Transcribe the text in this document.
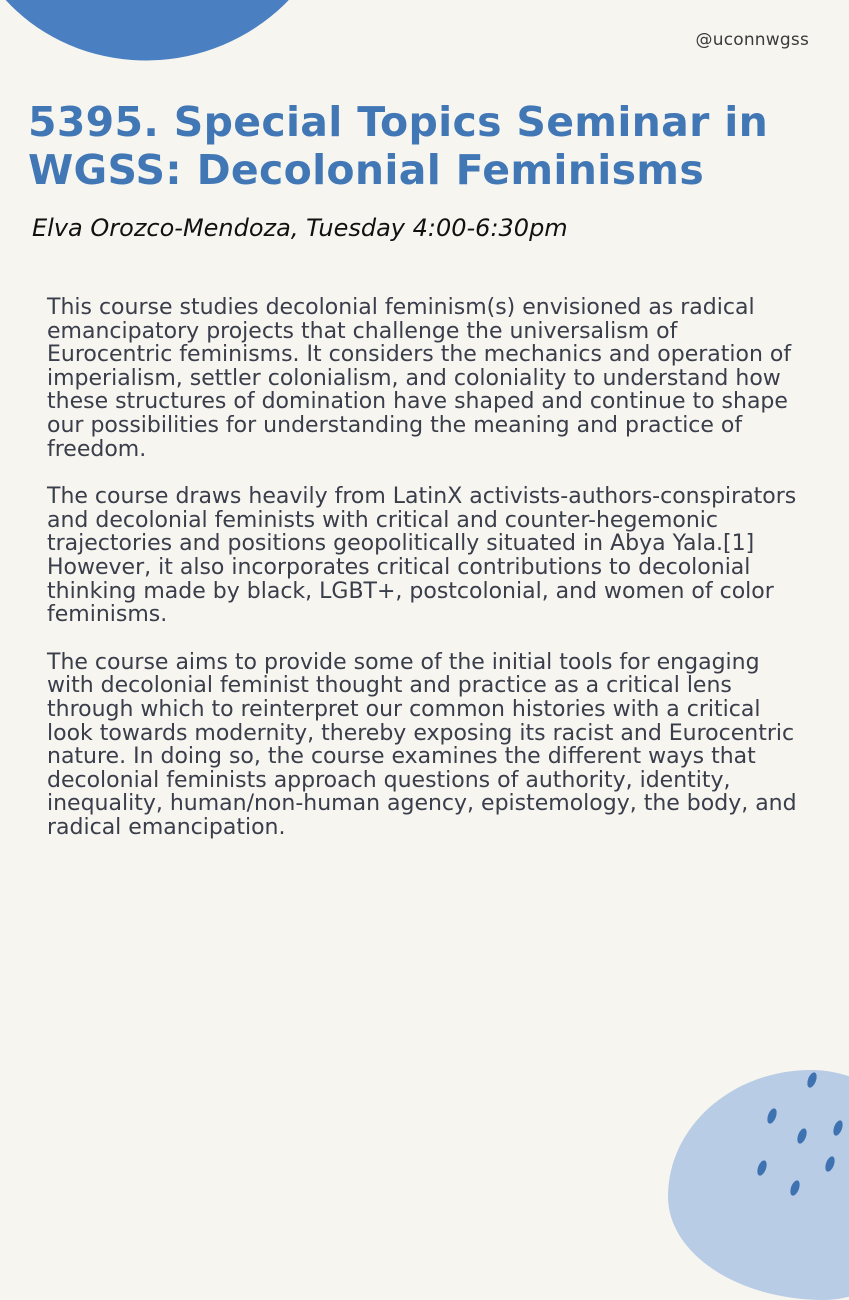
@uconnwgss
5395. Special Topics Seminar in WGSS: Decolonial Feminisms
Elva Orozco-Mendoza, Tuesday 4:00-6:30pm

This course studies decolonial feminism(s) envisioned as radical emancipatory projects that challenge the universalism of Eurocentric feminisms. It considers the mechanics and operation of imperialism, settler colonialism, and coloniality to understand how these structures of domination have shaped and continue to shape our possibilities for understanding the meaning and practice of freedom.

The course draws heavily from LatinX activists-authors-conspirators and decolonial feminists with critical and counter-hegemonic trajectories and positions geopolitically situated in Abya Yala.[1] However, it also incorporates critical contributions to decolonial thinking made by black, LGBT+, postcolonial, and women of color feminisms.

The course aims to provide some of the initial tools for engaging with decolonial feminist thought and practice as a critical lens through which to reinterpret our common histories with a critical look towards modernity, thereby exposing its racist and Eurocentric nature. In doing so, the course examines the different ways that decolonial feminists approach questions of authority, identity, inequality, human/non-human agency, epistemology, the body, and radical emancipation.
